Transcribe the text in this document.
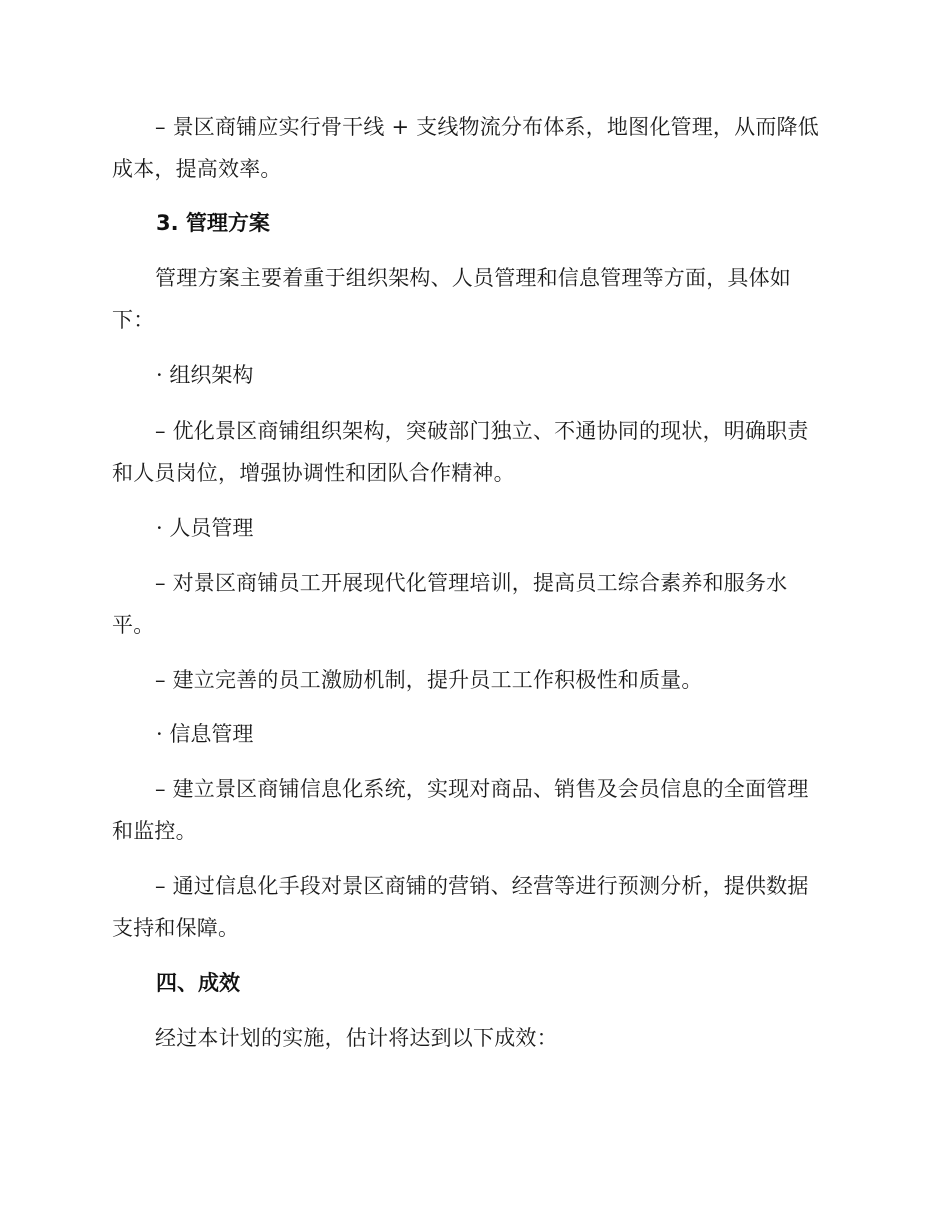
– 景区商铺应实行骨干线 + 支线物流分布体系，地图化管理，从而降低成本，提高效率。

3. 管理方案

管理方案主要着重于组织架构、人员管理和信息管理等方面，具体如下：

· 组织架构

– 优化景区商铺组织架构，突破部门独立、不通协同的现状，明确职责和人员岗位，增强协调性和团队合作精神。

· 人员管理

– 对景区商铺员工开展现代化管理培训，提高员工综合素养和服务水平。

– 建立完善的员工激励机制，提升员工工作积极性和质量。

· 信息管理

– 建立景区商铺信息化系统，实现对商品、销售及会员信息的全面管理和监控。

– 通过信息化手段对景区商铺的营销、经营等进行预测分析，提供数据支持和保障。

四、成效

经过本计划的实施，估计将达到以下成效：
